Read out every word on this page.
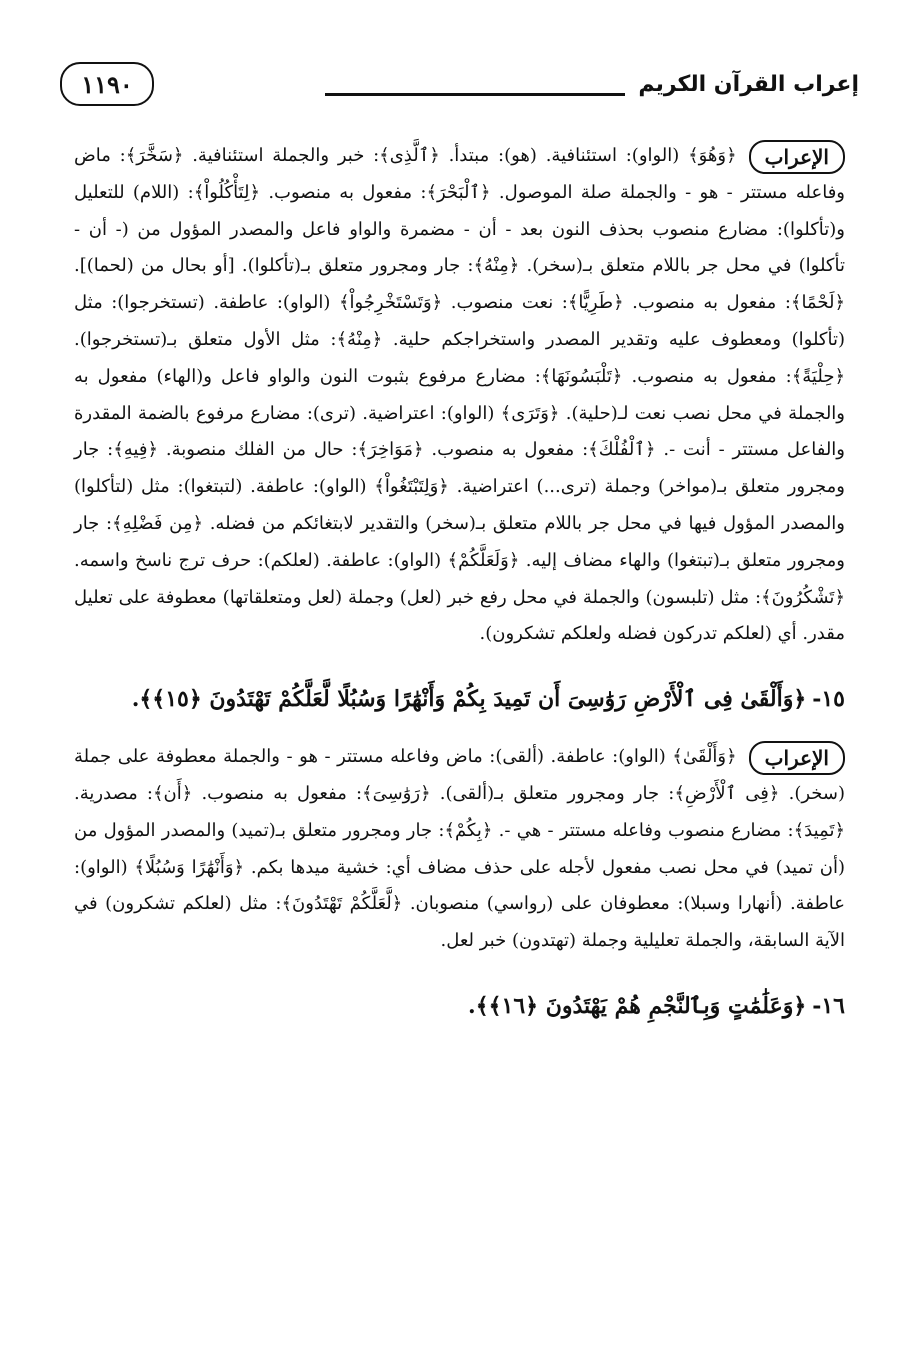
١١٩٠	إعراب القرآن الكريم
الإعراب

﴿وَهُوَ﴾ (الواو): استئنافية. (هو): مبتدأ. ﴿ٱلَّذِى﴾: خبر والجملة استئنافية. ﴿سَخَّرَ﴾: ماض وفاعله مستتر - هو - والجملة صلة الموصول. ﴿ٱلْبَحْرَ﴾: مفعول به منصوب. ﴿لِتَأْكُلُواْ﴾: (اللام) للتعليل و(تأكلوا): مضارع منصوب بحذف النون بعد - أن - مضمرة والواو فاعل والمصدر المؤول من (- أن - تأكلوا) في محل جر باللام متعلق بـ(سخر). ﴿مِنْهُ﴾: جار ومجرور متعلق بـ(تأكلوا). [أو بحال من (لحما)]. ﴿لَحْمًا﴾: مفعول به منصوب. ﴿طَرِيًّا﴾: نعت منصوب. ﴿وَتَسْتَخْرِجُواْ﴾ (الواو): عاطفة. (تستخرجوا): مثل (تأكلوا) ومعطوف عليه وتقدير المصدر واستخراجكم حلية. ﴿مِنْهُ﴾: مثل الأول متعلق بـ(تستخرجوا). ﴿حِلْيَةً﴾: مفعول به منصوب. ﴿تَلْبَسُونَهَا﴾: مضارع مرفوع بثبوت النون والواو فاعل و(الهاء) مفعول به والجملة في محل نصب نعت لـ(حلية). ﴿وَتَرَى﴾ (الواو): اعتراضية. (ترى): مضارع مرفوع بالضمة المقدرة والفاعل مستتر - أنت -. ﴿ٱلْفُلْكَ﴾: مفعول به منصوب. ﴿مَوَاخِرَ﴾: حال من الفلك منصوبة. ﴿فِيهِ﴾: جار ومجرور متعلق بـ(مواخر) وجملة (ترى...) اعتراضية. ﴿وَلِتَبْتَغُواْ﴾ (الواو): عاطفة. (لتبتغوا): مثل (لتأكلوا) والمصدر المؤول فيها في محل جر باللام متعلق بـ(سخر) والتقدير لابتغائكم من فضله. ﴿مِن فَضْلِهِ﴾: جار ومجرور متعلق بـ(تبتغوا) والهاء مضاف إليه. ﴿وَلَعَلَّكُمْ﴾ (الواو): عاطفة. (لعلكم): حرف ترج ناسخ واسمه. ﴿تَشْكُرُونَ﴾: مثل (تلبسون) والجملة في محل رفع خبر (لعل) وجملة (لعل ومتعلقاتها) معطوفة على تعليل مقدر. أي (لعلكم تدركون فضله ولعلكم تشكرون).

١٥-﴿وَأَلْقَىٰ فِى ٱلْأَرْضِ رَوَٰسِىَ أَن تَمِيدَ بِكُمْ وَأَنْهَٰرًا وَسُبُلًا لَّعَلَّكُمْ تَهْتَدُونَ ﴿١٥﴾﴾.
الإعراب

﴿وَأَلْقَىٰ﴾ (الواو): عاطفة. (ألقى): ماض وفاعله مستتر - هو - والجملة معطوفة على جملة (سخر). ﴿فِى ٱلْأَرْضِ﴾: جار ومجرور متعلق بـ(ألقى). ﴿رَوَٰسِىَ﴾: مفعول به منصوب. ﴿أَن﴾: مصدرية. ﴿تَمِيدَ﴾: مضارع منصوب وفاعله مستتر - هي -. ﴿بِكُمْ﴾: جار ومجرور متعلق بـ(تميد) والمصدر المؤول من (أن تميد) في محل نصب مفعول لأجله على حذف مضاف أي: خشية ميدها بكم. ﴿وَأَنْهَٰرًا وَسُبُلًا﴾ (الواو): عاطفة. (أنهارا وسبلا): معطوفان على (رواسي) منصوبان. ﴿لَّعَلَّكُمْ تَهْتَدُونَ﴾: مثل (لعلكم تشكرون) في الآية السابقة، والجملة تعليلية وجملة (تهتدون) خبر لعل.

١٦-﴿وَعَلَٰمَٰتٍ وَبِٱلنَّجْمِ هُمْ يَهْتَدُونَ ﴿١٦﴾﴾.
